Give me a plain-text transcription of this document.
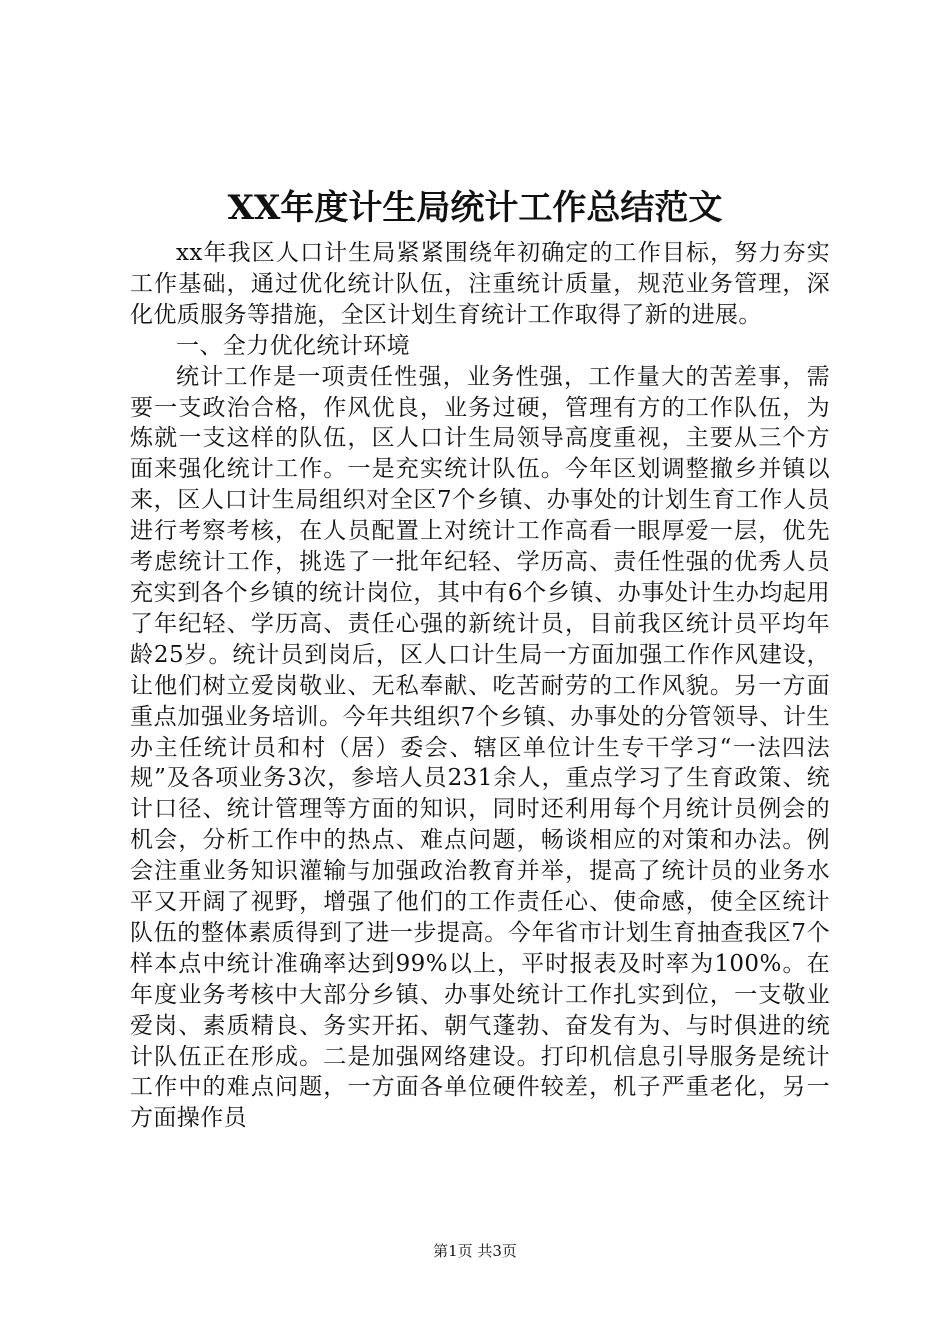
XX年度计生局统计工作总结范文

xx年我区人口计生局紧紧围绕年初确定的工作目标，努力夯实工作基础，通过优化统计队伍，注重统计质量，规范业务管理，深化优质服务等措施，全区计划生育统计工作取得了新的进展。

一、全力优化统计环境

统计工作是一项责任性强，业务性强，工作量大的苦差事，需要一支政治合格，作风优良，业务过硬，管理有方的工作队伍，为炼就一支这样的队伍，区人口计生局领导高度重视，主要从三个方面来强化统计工作。一是充实统计队伍。今年区划调整撤乡并镇以来，区人口计生局组织对全区7个乡镇、办事处的计划生育工作人员进行考察考核，在人员配置上对统计工作高看一眼厚爱一层，优先考虑统计工作，挑选了一批年纪轻、学历高、责任性强的优秀人员充实到各个乡镇的统计岗位，其中有6个乡镇、办事处计生办均起用了年纪轻、学历高、责任心强的新统计员，目前我区统计员平均年龄25岁。统计员到岗后，区人口计生局一方面加强工作作风建设，让他们树立爱岗敬业、无私奉献、吃苦耐劳的工作风貌。另一方面重点加强业务培训。今年共组织7个乡镇、办事处的分管领导、计生办主任统计员和村（居）委会、辖区单位计生专干学习“一法四法规”及各项业务3次，参培人员231余人，重点学习了生育政策、统计口径、统计管理等方面的知识，同时还利用每个月统计员例会的机会，分析工作中的热点、难点问题，畅谈相应的对策和办法。例会注重业务知识灌输与加强政治教育并举，提高了统计员的业务水平又开阔了视野，增强了他们的工作责任心、使命感，使全区统计队伍的整体素质得到了进一步提高。今年省市计划生育抽查我区7个样本点中统计准确率达到99%以上，平时报表及时率为100%。在年度业务考核中大部分乡镇、办事处统计工作扎实到位，一支敬业爱岗、素质精良、务实开拓、朝气蓬勃、奋发有为、与时俱进的统计队伍正在形成。二是加强网络建设。打印机信息引导服务是统计工作中的难点问题，一方面各单位硬件较差，机子严重老化，另一方面操作员

第1页 共3页
